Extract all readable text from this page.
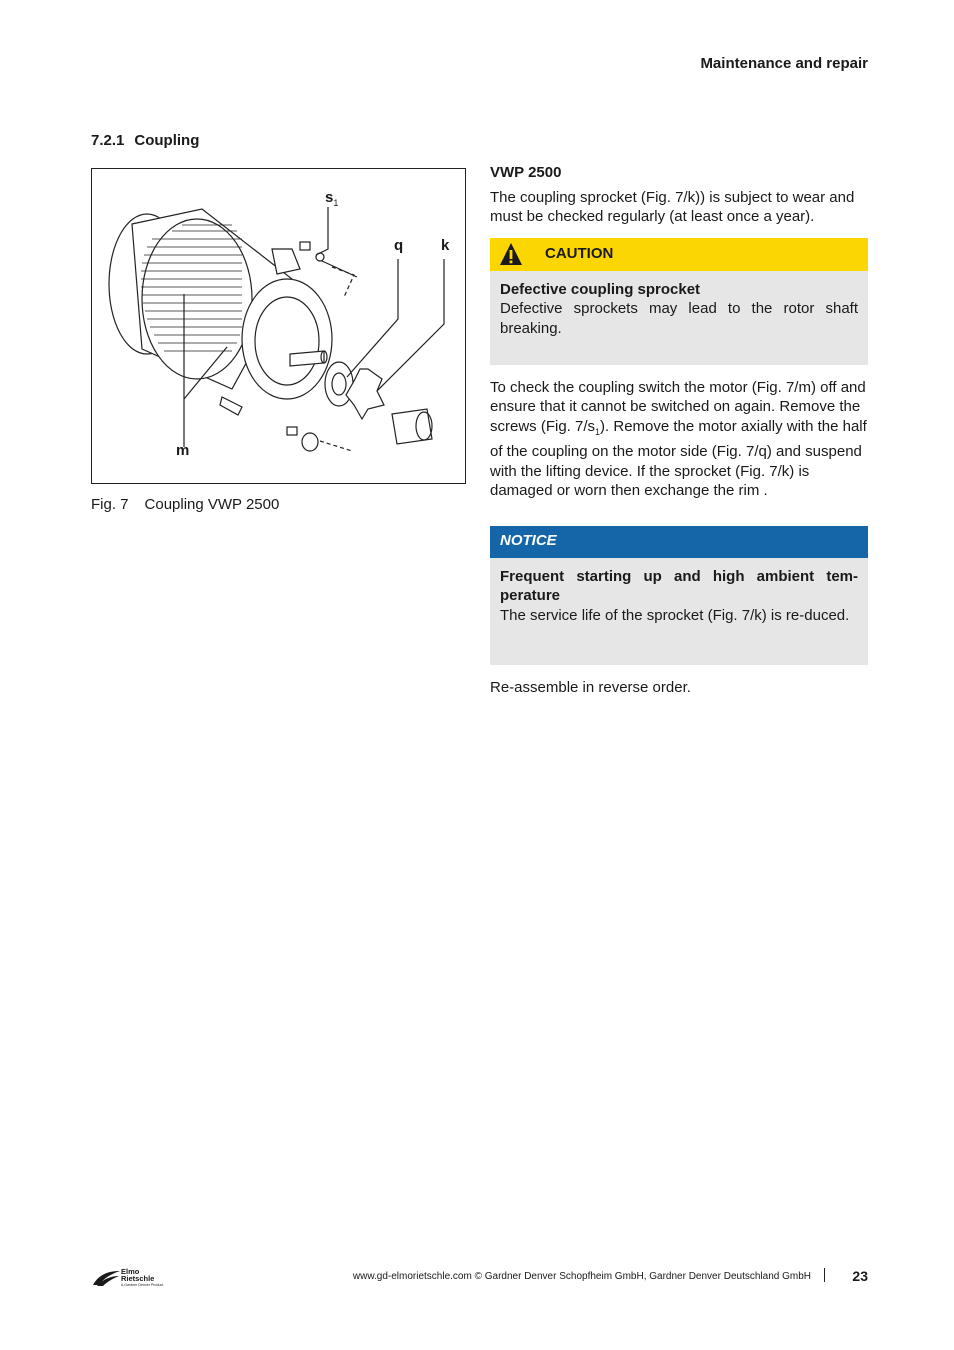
Maintenance and repair
7.2.1 Coupling
$s_1$
q	k
m
Fig. 7 Coupling VWP 2500
VWP 2500
The coupling sprocket (Fig. 7/k)) is subject to wear and must be checked regularly (at least once a year).
CAUTION
Defective coupling sprocket
Defective sprockets may lead to the rotor shaft breaking.
To check the coupling switch the motor (Fig. 7/m) off and ensure that it cannot be switched on again. Remove the screws (Fig. $7/s_1$). Remove the motor axially with the half of the coupling on the motor side (Fig. 7/q) and suspend with the lifting device. If the sprocket (Fig. 7/k) is damaged or worn then exchange the rim .
NOTICE
Frequent starting up and high ambient tem-perature
The service life of the sprocket (Fig. 7/k) is re-duced.
Re-assemble in reverse order.
Elmo
Rietschle
A Gardner Denver Product
www.gd-elmorietschle.com © Gardner Denver Schopfheim GmbH, Gardner Denver Deutschland GmbH	23
